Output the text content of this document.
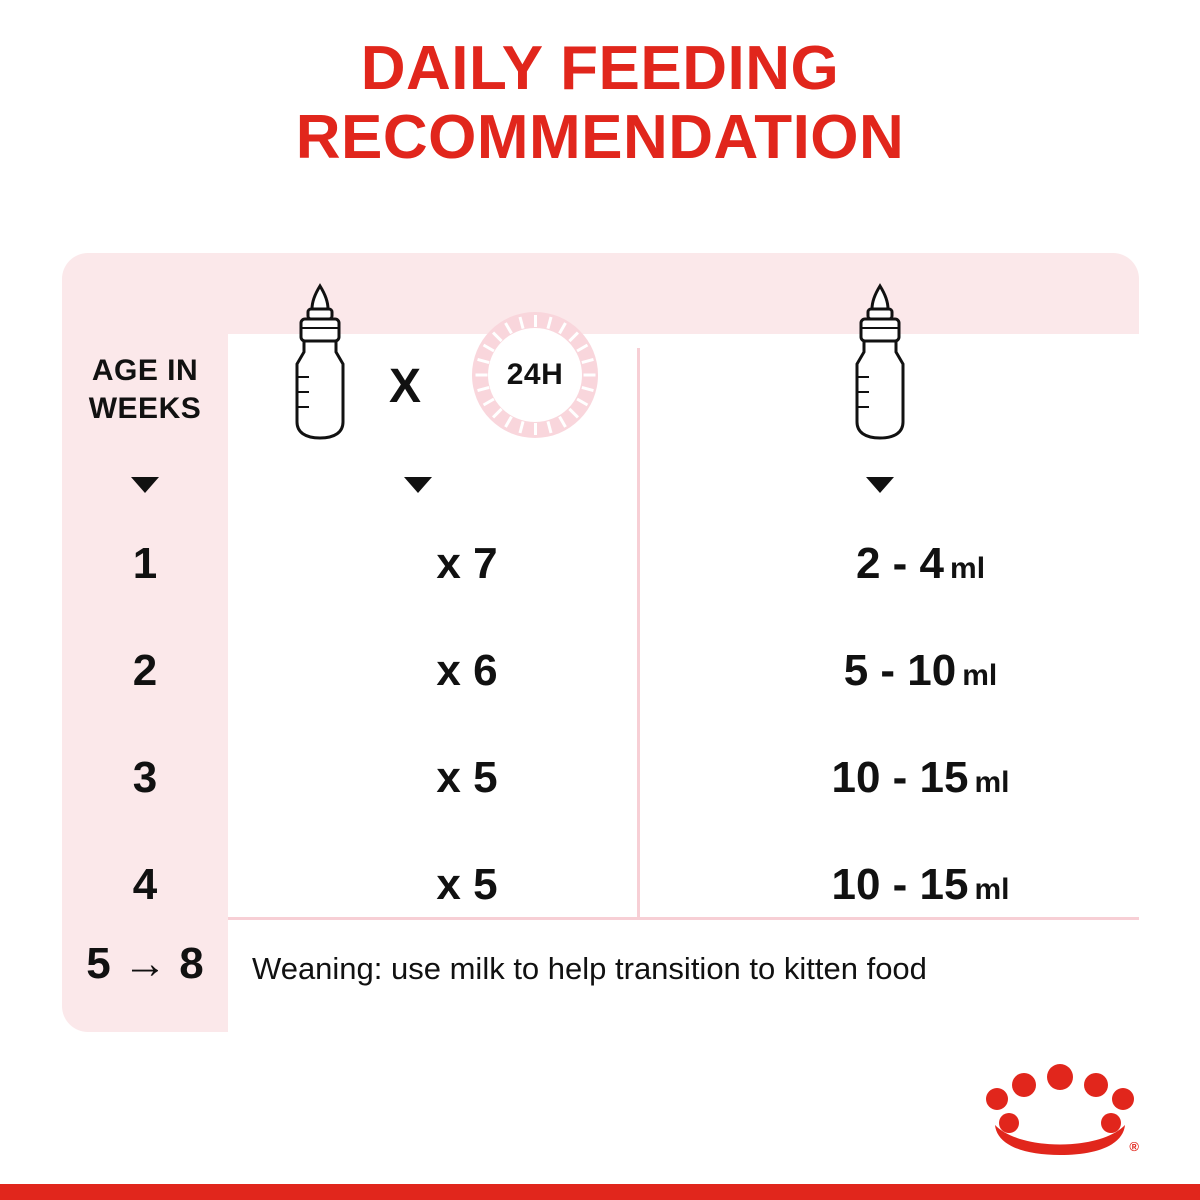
DAILY FEEDING
RECOMMENDATION
AGE IN
WEEKS	X	24H
1	x 7	2 - 4 ml
2	x 6	5 - 10 ml
3	x 5	10 - 15 ml
4	x 5	10 - 15 ml
5 → 8	Weaning: use milk to help transition to kitten food
®
